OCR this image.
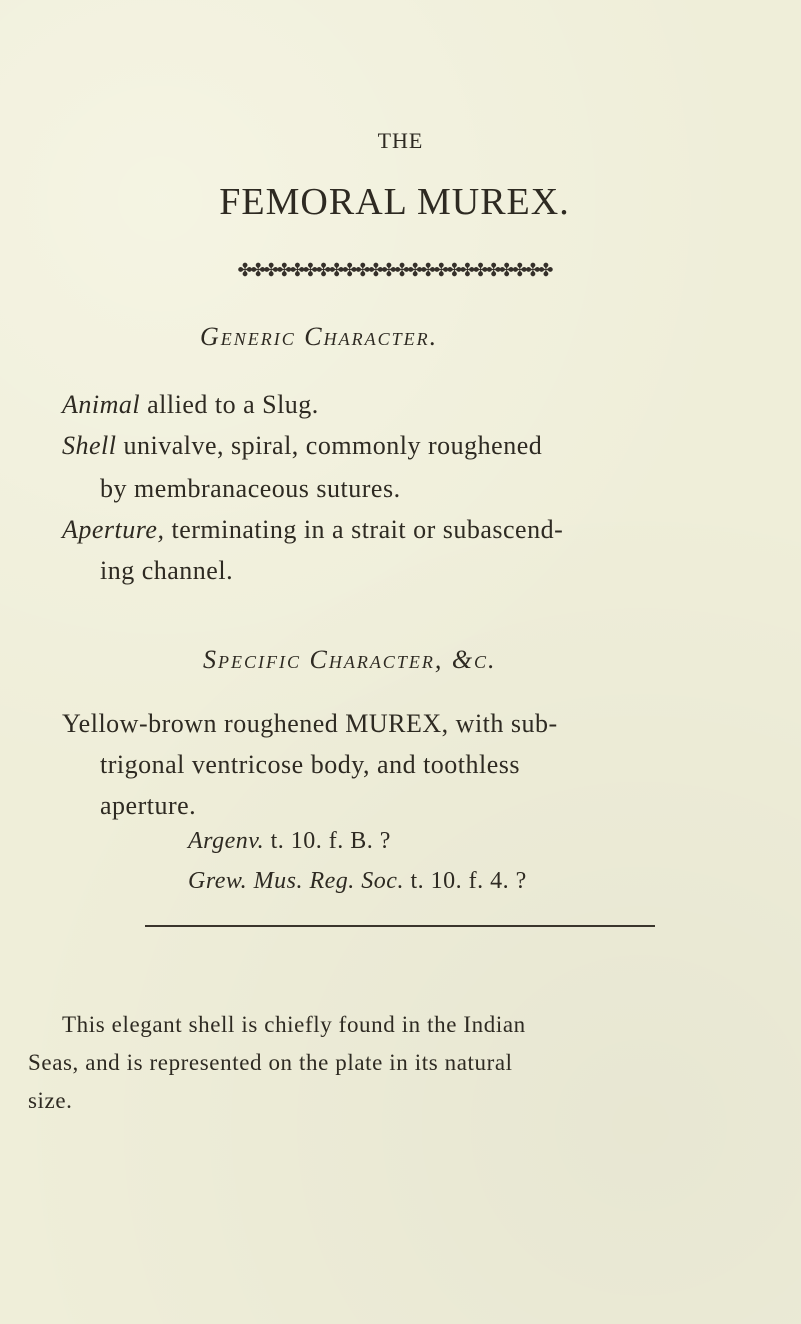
THE

FEMORAL MUREX.

✤✤✤✤✤✤✤✤✤✤✤✤✤✤✤✤✤✤✤✤✤✤✤✤

Generic Character.

Animal allied to a Slug.

Shell univalve, spiral, commonly roughened

by membranaceous sutures.

Aperture, terminating in a strait or subascend-

ing channel.

Specific Character, &c.

Yellow-brown roughened MUREX, with sub-

trigonal ventricose body, and toothless

aperture.

Argenv. t. 10. f. B. ?

Grew. Mus. Reg. Soc. t. 10. f. 4. ?

This elegant shell is chiefly found in the Indian

Seas, and is represented on the plate in its natural

size.
